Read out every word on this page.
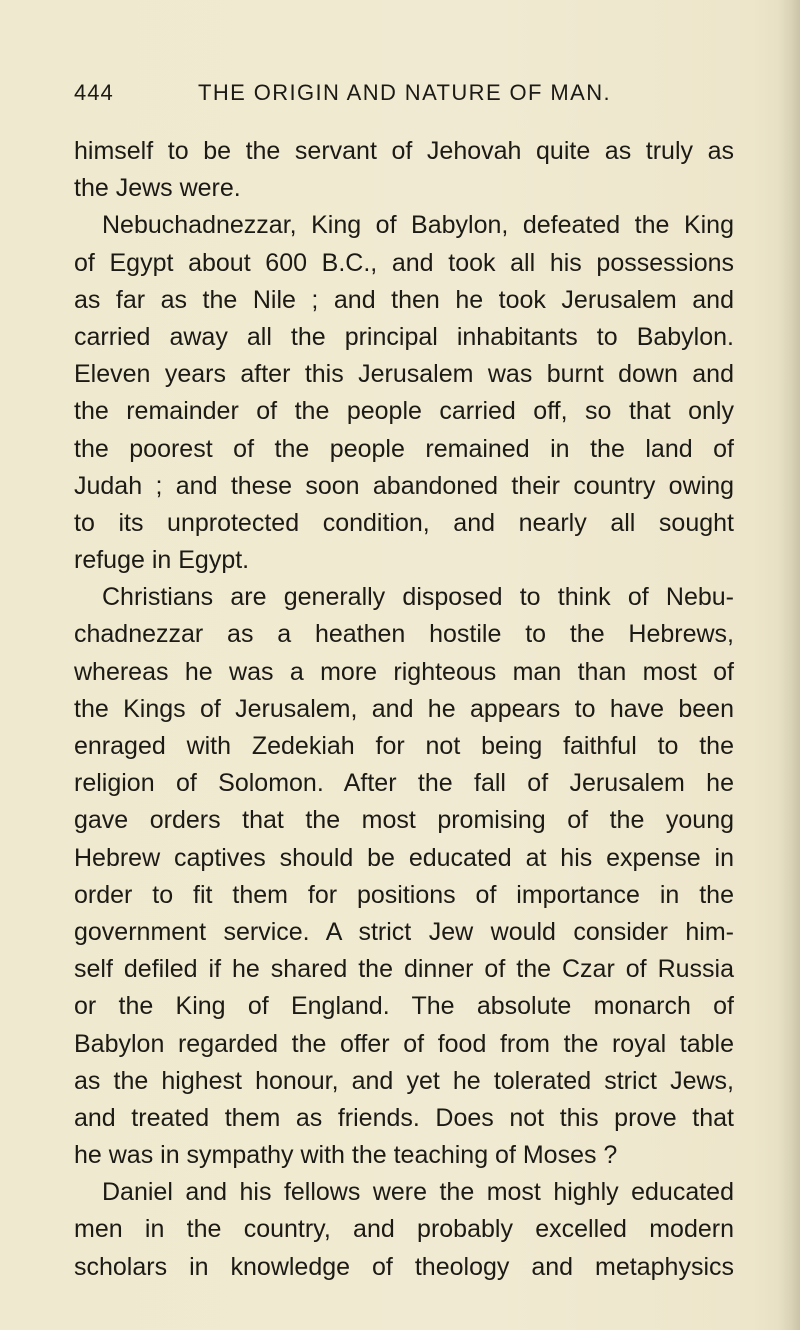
444	THE ORIGIN AND NATURE OF MAN.
himself to be the servant of Jehovah quite as truly as
the Jews were.
Nebuchadnezzar, King of Babylon, defeated the King
of Egypt about 600 B.C., and took all his possessions
as far as the Nile ; and then he took Jerusalem and
carried away all the principal inhabitants to Babylon.
Eleven years after this Jerusalem was burnt down and
the remainder of the people carried off, so that only
the poorest of the people remained in the land of
Judah ; and these soon abandoned their country owing
to its unprotected condition, and nearly all sought
refuge in Egypt.
Christians are generally disposed to think of Nebu-
chadnezzar as a heathen hostile to the Hebrews,
whereas he was a more righteous man than most of
the Kings of Jerusalem, and he appears to have been
enraged with Zedekiah for not being faithful to the
religion of Solomon. After the fall of Jerusalem he
gave orders that the most promising of the young
Hebrew captives should be educated at his expense in
order to fit them for positions of importance in the
government service. A strict Jew would consider him-
self defiled if he shared the dinner of the Czar of Russia
or the King of England. The absolute monarch of
Babylon regarded the offer of food from the royal table
as the highest honour, and yet he tolerated strict Jews,
and treated them as friends. Does not this prove that
he was in sympathy with the teaching of Moses ?
Daniel and his fellows were the most highly educated
men in the country, and probably excelled modern
scholars in knowledge of theology and metaphysics
